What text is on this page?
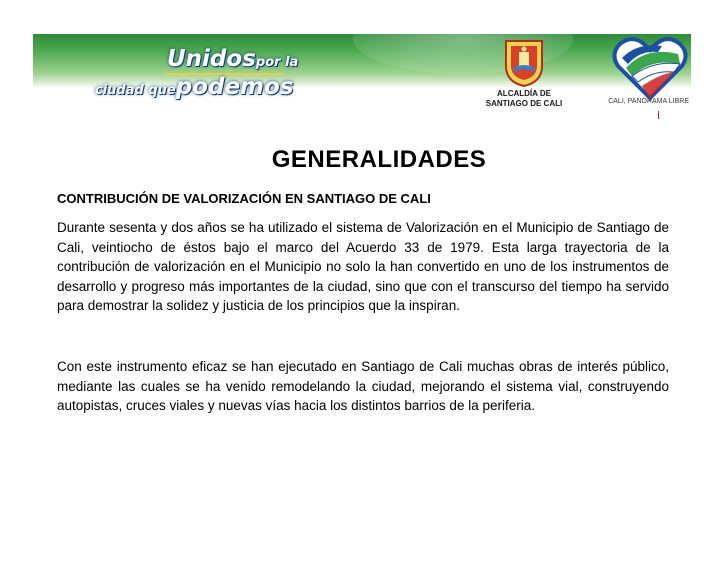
Unidospor la
ciudad quepodemos	ALCALDÍA DE
SANTIAGO DE CALI	CALI, PANORAMA LIBRE
GENERALIDADES
CONTRIBUCIÓN DE VALORIZACIÓN EN SANTIAGO DE CALI

Durante sesenta y dos años se ha utilizado el sistema de Valorización en el Municipio de Santiago de Cali, veintiocho de éstos bajo el marco del Acuerdo 33 de 1979. Esta larga trayectoria de la contribución de valorización en el Municipio no solo la han convertido en uno de los instrumentos de desarrollo y progreso más importantes de la ciudad, sino que con el transcurso del tiempo ha servido para demostrar la solidez y justicia de los principios que la inspiran.

Con este instrumento eficaz se han ejecutado en Santiago de Cali muchas obras de interés público, mediante las cuales se ha venido remodelando la ciudad, mejorando el sistema vial, construyendo autopistas, cruces viales y nuevas vías hacia los distintos barrios de la periferia.
